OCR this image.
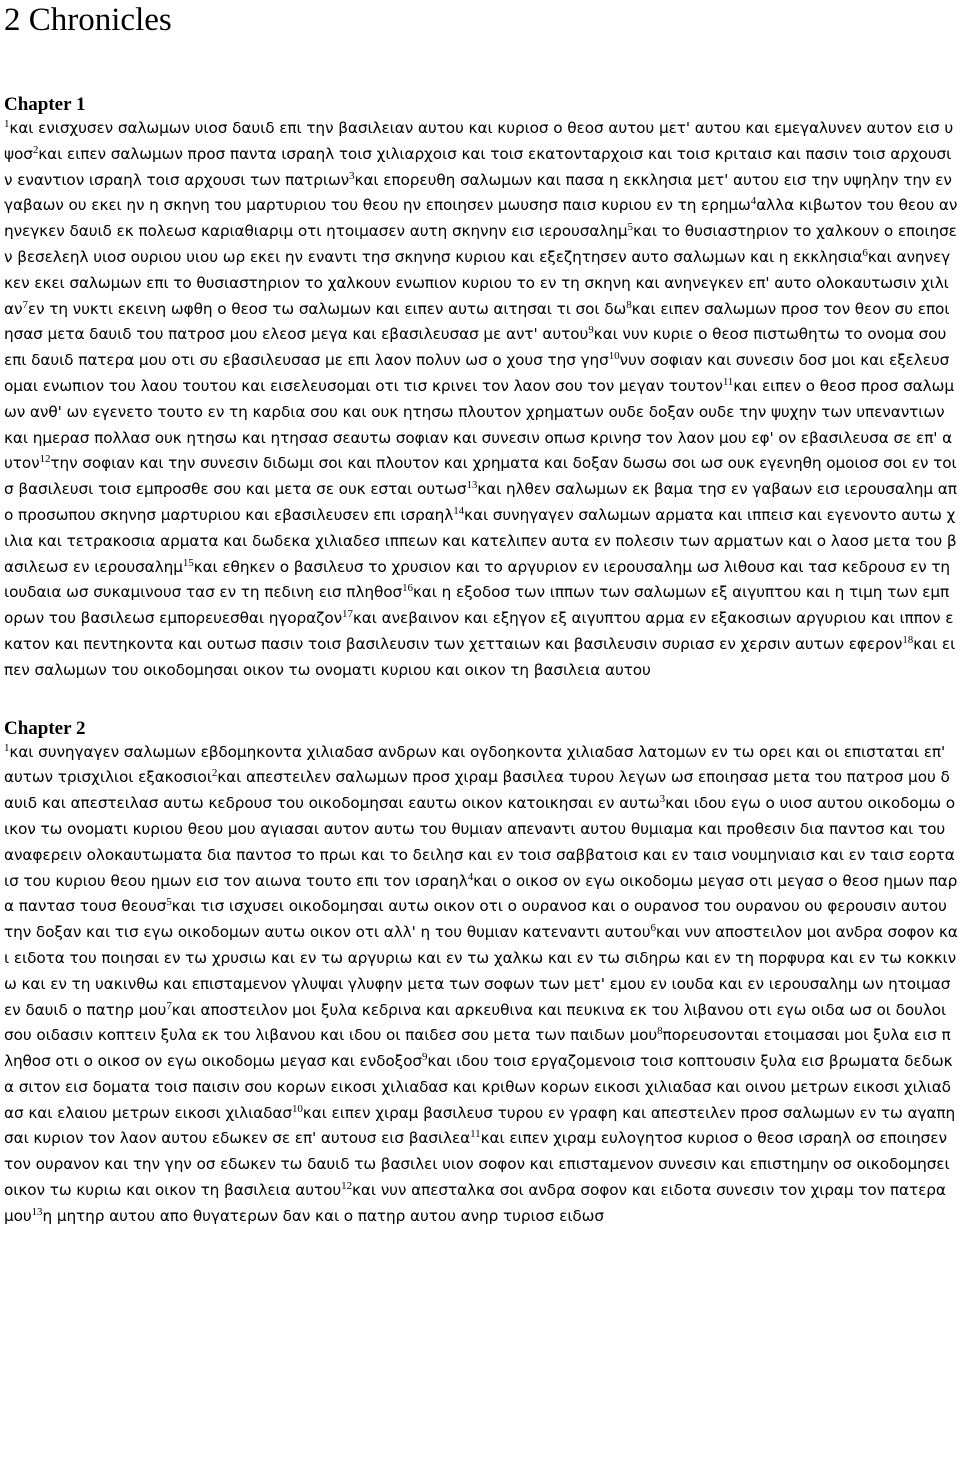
2 Chronicles
Chapter 1

$^1$και ενισχυσεν σαλωμων υιοσ δαυιδ επι την βασιλειαν αυτου και κυριοσ ο θεοσ αυτου μετ' αυτου και εμεγαλυνεν αυτον εισ υψοσ$^2$και ειπεν σαλωμων προσ παντα ισραηλ τοισ χιλιαρχοισ και τοισ εκατονταρχοισ και τοισ κριταισ και πασιν τοισ αρχουσιν εναντιον ισραηλ τοισ αρχουσι των πατριων$^3$και επορευθη σαλωμων και πασα η εκκλησια μετ' αυτου εισ την υψηλην την εν γαβαων ου εκει ην η σκηνη του μαρτυριου του θεου ην εποιησεν μωυσησ παισ κυριου εν τη ερημω$^4$αλλα κιβωτον του θεου ανηνεγκεν δαυιδ εκ πολεωσ καριαθιαριμ οτι ητοιμασεν αυτη σκηνην εισ ιερουσαλημ$^5$και το θυσιαστηριον το χαλκουν ο εποιησεν βεσελεηλ υιοσ ουριου υιου ωρ εκει ην εναντι τησ σκηνησ κυριου και εξεζητησεν αυτο σαλωμων και η εκκλησια$^6$και ανηνεγκεν εκει σαλωμων επι το θυσιαστηριον το χαλκουν ενωπιον κυριου το εν τη σκηνη και ανηνεγκεν επ' αυτο ολοκαυτωσιν χιλιαν$^7$εν τη νυκτι εκεινη ωφθη ο θεοσ τω σαλωμων και ειπεν αυτω αιτησαι τι σοι $\delta\omega^8\kappa\alpha\iota$ ειπεν σαλωμων προσ τον θεον συ εποιησασ μετα δαυιδ του πατροσ μου ελεοσ μεγα και εβασιλευσασ με αντ' αυτου$^9$και νυν κυριε ο θεοσ πιστωθητω το ονομα σου επι δαυιδ πατερα μου οτι συ εβασιλευσασ με επι λαον πολυν ωσ ο χουσ τησ γησ$^{10}$νυν σοφιαν και συνεσιν δοσ μοι και εξελευσομαι ενωπιον του λαου τουτου και εισελευσομαι οτι τισ κρινει τον λαον σου τον μεγαν τουτον$^{11}$και ειπεν ο θεοσ προσ σαλωμων ανθ' ων εγενετο τουτο εν τη καρδια σου και ουκ ητησω πλουτον χρηματων ουδε δοξαν ουδε την ψυχην των υπεναντιων και ημερασ πολλασ ουκ ητησω και ητησασ σεαυτω σοφιαν και συνεσιν οπωσ κρινησ τον λαον μου εφ' ον εβασιλευσα σε επ' αυτον$^{12}$την σοφιαν και την συνεσιν διδωμι σοι και πλουτον και χρηματα και δοξαν δωσω σοι ωσ ουκ εγενηθη ομοιοσ σοι εν τοισ βασιλευσι τοισ εμπροσθε σου και μετα σε ουκ εσται ουτωσ$^{13}$και ηλθεν σαλωμων εκ βαμα τησ εν γαβαων εισ ιερουσαλημ απο προσωπου σκηνησ μαρτυριου και εβασιλευσεν επι ισραηλ$^{14}$και συνηγαγεν σαλωμων αρματα και ιππεισ και εγενοντο αυτω χιλια και τετρακοσια αρματα και δωδεκα χιλιαδεσ ιππεων και κατελιπεν αυτα εν πολεσιν των αρματων και ο λαοσ μετα του βασιλεωσ εν ιερουσαλημ$^{15}$και εθηκεν ο βασιλευσ το χρυσιον και το αργυριον εν ιερουσαλημ ωσ λιθουσ και τασ κεδρουσ εν τη ιουδαια ωσ συκαμινουσ τασ εν τη πεδινη εισ πληθοσ$^{16}$και η εξοδοσ των ιππων των σαλωμων εξ αιγυπτου και η τιμη των εμπορων του βασιλεωσ εμπορευεσθαι ηγοραζον$^{17}$και ανεβαινον και εξηγον εξ αιγυπτου αρμα εν εξακοσιων αργυριου και ιππον εκατον και πεντηκοντα και ουτωσ πασιν τοισ βασιλευσιν των χετταιων και βασιλευσιν συριασ εν χερσιν αυτων εφερον$^{18}$και ειπεν σαλωμων του οικοδομησαι οικον τω ονοματι κυριου και οικον τη βασιλεια αυτου

Chapter 2

$^1$και συνηγαγεν σαλωμων εβδομηκοντα χιλιαδασ ανδρων και ογδοηκοντα χιλιαδασ λατομων εν τω ορει και οι επισταται επ' αυτων τρισχιλιοι εξακοσιοι$^2$και απεστειλεν σαλωμων προσ χιραμ βασιλεα τυρου λεγων ωσ εποιησασ μετα του πατροσ μου δαυιδ και απεστειλασ αυτω κεδρουσ του οικοδομησαι εαυτω οικον κατοικησαι εν αυτω$^3$και ιδου εγω ο υιοσ αυτου οικοδομω οικον τω ονοματι κυριου θεου μου αγιασαι αυτον αυτω του θυμιαν απεναντι αυτου θυμιαμα και προθεσιν δια παντοσ και του αναφερειν ολοκαυτωματα δια παντοσ το πρωι και το δειλησ και εν τοισ σαββατοισ και εν ταισ νουμηνιαισ και εν ταισ εορταισ του κυριου θεου ημων εισ τον αιωνα τουτο επι τον ισραηλ$^4$και ο οικοσ ον εγω οικοδομω μεγασ οτι μεγασ ο θεοσ ημων παρα παντασ τουσ θεουσ$^5$και τισ ισχυσει οικοδομησαι αυτω οικον οτι ο ουρανοσ και ο ουρανοσ του ουρανου ου φερουσιν αυτου την δοξαν και τισ εγω οικοδομων αυτω οικον οτι αλλ' η του θυμιαν κατεναντι αυτου$^6$και νυν αποστειλον μοι ανδρα σοφον και ειδοτα του ποιησαι εν τω χρυσιω και εν τω αργυριω και εν τω χαλκω και εν τω σιδηρω και εν τη πορφυρα και εν τω κοκκινω και εν τη υακινθω και επισταμενον γλυψαι γλυφην μετα των σοφων των μετ' εμου εν ιουδα και εν ιερουσαλημ ων ητοιμασεν δαυιδ ο πατηρ μου$^7$και αποστειλον μοι ξυλα κεδρινα και αρκευθινα και πευκινα εκ του λιβανου οτι εγω οιδα ωσ οι δουλοι σου οιδασιν κοπτειν ξυλα εκ του λιβανου και ιδου οι παιδεσ σου μετα των παιδων μου$^8$πορευσονται ετοιμασαι μοι ξυλα εισ πληθοσ οτι ο οικοσ ον εγω οικοδομω μεγασ και ενδοξοσ$^9$και ιδου τοισ εργαζομενοισ τοισ κοπτουσιν ξυλα εισ βρωματα δεδωκα σιτον εισ δοματα τοισ παισιν σου κορων εικοσι χιλιαδασ και κριθων κορων εικοσι χιλιαδασ και οινου μετρων εικοσι χιλιαδασ και ελαιου μετρων εικοσι χιλιαδασ$^{10}$και ειπεν χιραμ βασιλευσ τυρου εν γραφη και απεστειλεν προσ σαλωμων εν τω αγαπησαι κυριον τον λαον αυτου εδωκεν σε επ' αυτουσ εισ βασιλεα$^{11}$και ειπεν χιραμ ευλογητοσ κυριοσ ο θεοσ ισραηλ οσ εποιησεν τον ουρανον και την γην οσ εδωκεν τω δαυιδ τω βασιλει υιον σοφον και επισταμενον συνεσιν και επιστημην οσ οικοδομησει οικον τω κυριω και οικον τη βασιλεια αυτου$^{12}$και νυν απεσταλκα σοι ανδρα σοφον και ειδοτα συνεσιν τον χιραμ τον πατερα μου$^{13}$η μητηρ αυτου απο θυγατερων δαν και ο πατηρ αυτου ανηρ τυριοσ ειδωσ
